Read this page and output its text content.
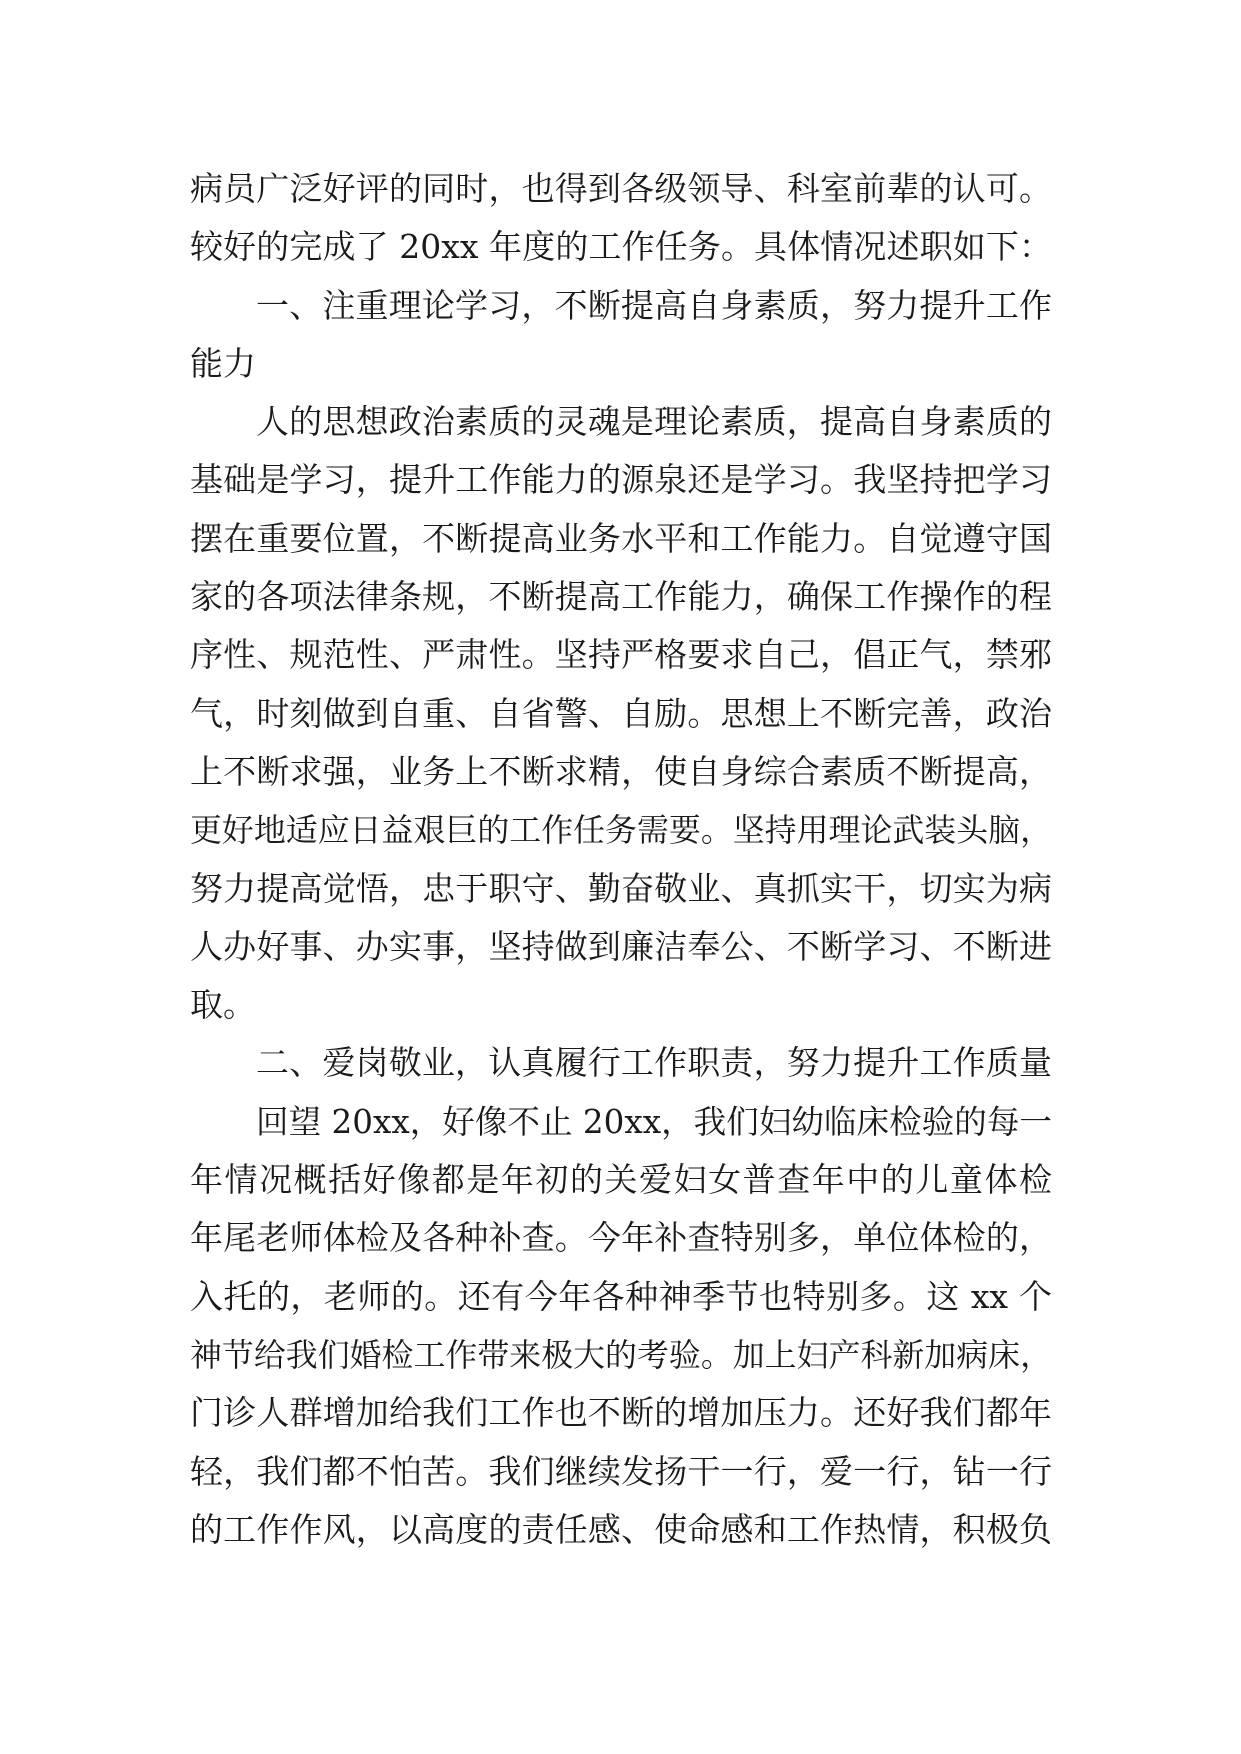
病员广泛好评的同时，也得到各级领导、科室前辈的认可。
较好的完成了 20xx 年度的工作任务。具体情况述职如下：
一、注重理论学习，不断提高自身素质，努力提升工作
能力
人的思想政治素质的灵魂是理论素质，提高自身素质的
基础是学习，提升工作能力的源泉还是学习。我坚持把学习
摆在重要位置，不断提高业务水平和工作能力。自觉遵守国
家的各项法律条规，不断提高工作能力，确保工作操作的程
序性、规范性、严肃性。坚持严格要求自己，倡正气，禁邪
气，时刻做到自重、自省警、自励。思想上不断完善，政治
上不断求强，业务上不断求精，使自身综合素质不断提高，
更好地适应日益艰巨的工作任务需要。坚持用理论武装头脑，
努力提高觉悟，忠于职守、勤奋敬业、真抓实干，切实为病
人办好事、办实事，坚持做到廉洁奉公、不断学习、不断进
取。
二、爱岗敬业，认真履行工作职责，努力提升工作质量
回望 20xx，好像不止 20xx，我们妇幼临床检验的每一
年情况概括好像都是年初的关爱妇女普查年中的儿童体检
年尾老师体检及各种补查。今年补查特别多，单位体检的，
入托的，老师的。还有今年各种神季节也特别多。这 xx 个
神节给我们婚检工作带来极大的考验。加上妇产科新加病床，
门诊人群增加给我们工作也不断的增加压力。还好我们都年
轻，我们都不怕苦。我们继续发扬干一行，爱一行，钻一行
的工作作风，以高度的责任感、使命感和工作热情，积极负
